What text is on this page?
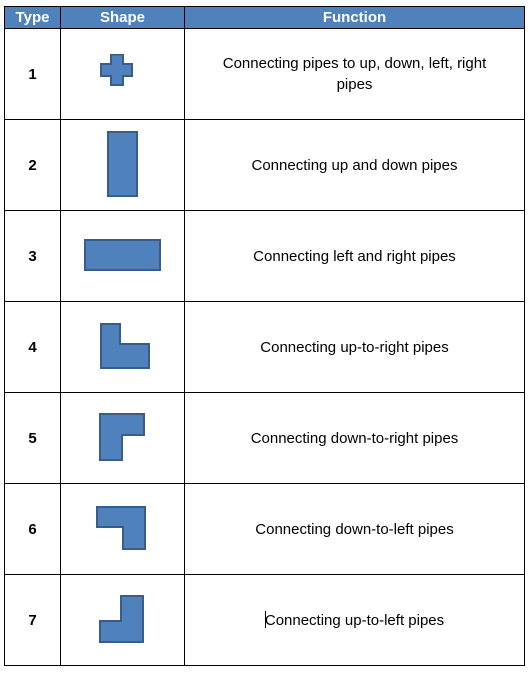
Type	Shape	Function
1		Connecting pipes to up, down, left, right pipes
2		Connecting up and down pipes
3		Connecting left and right pipes
4		Connecting up-to-right pipes
5		Connecting down-to-right pipes
6		Connecting down-to-left pipes
7		Connecting up-to-left pipes
